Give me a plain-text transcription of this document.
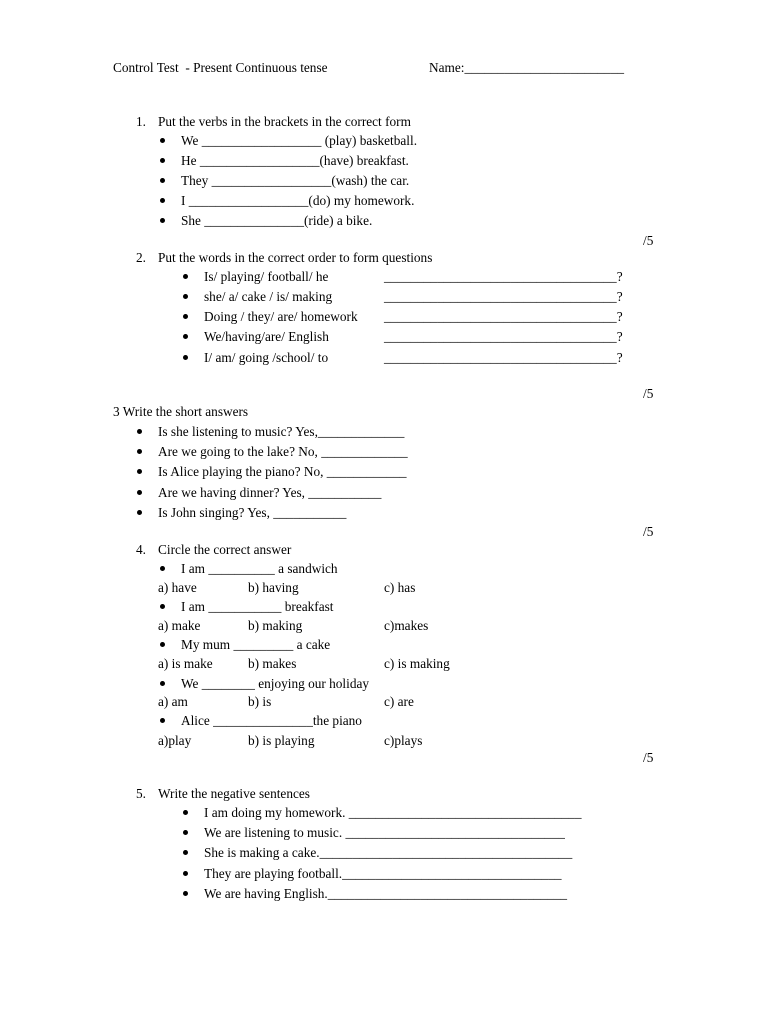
Control Test  - Present Continuous tense	Name:________________________
1. Put the verbs in the brackets in the correct form
We __________________ (play) basketball.
He __________________(have) breakfast.
They __________________(wash) the car.
I __________________(do) my homework.
She _______________(ride) a bike.
/5
2. Put the words in the correct order to form questions
Is/ playing/ football/ he	___________________________________?
she/ a/ cake / is/ making	___________________________________?
Doing / they/ are/ homework ___________________________________?
We/having/are/ English	___________________________________?
I/ am/ going /school/ to	___________________________________?
/5
3 Write the short answers
Is she listening to music? Yes,_____________
Are we going to the lake? No, _____________
Is Alice playing the piano? No, ____________
Are we having dinner? Yes, ___________
Is John singing? Yes, ___________
/5
4. Circle the correct answer
I am __________ a sandwich
a) have	b) having	c) has
I am ___________ breakfast
a) make	b) making	c)makes
My mum _________ a cake
a) is make	b) makes	c) is making
We ________ enjoying our holiday
a) am	b) is	c) are
Alice _______________the piano
a)play	b) is playing	c)plays
/5
5. Write the negative sentences
I am doing my homework. ___________________________________
We are listening to music. _________________________________
She is making a cake.______________________________________
They are playing football._________________________________
We are having English.____________________________________
